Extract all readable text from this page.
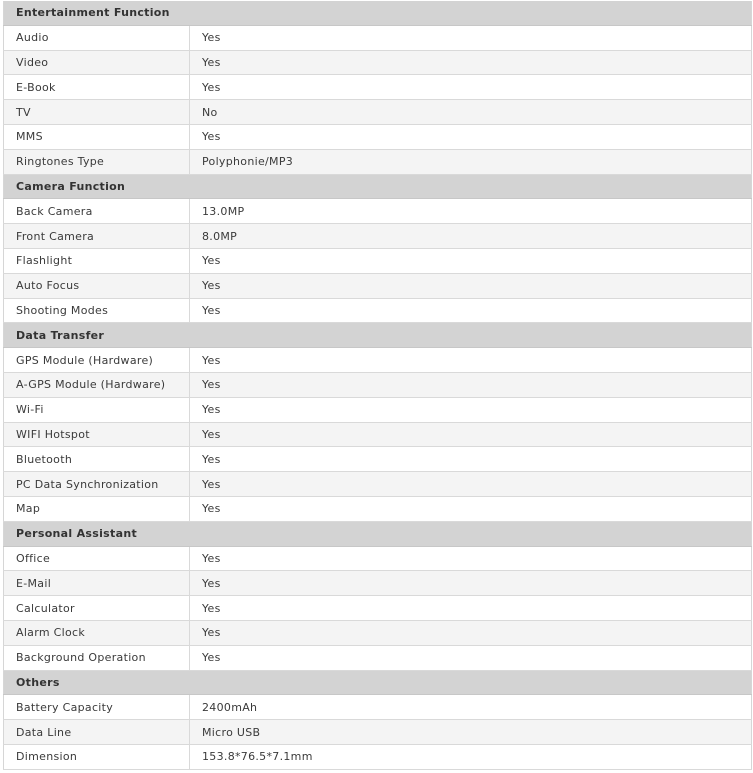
Entertainment Function	
Audio	Yes
Video	Yes
E-Book	Yes
TV	No
MMS	Yes
Ringtones Type	Polyphonie/MP3
Camera Function	
Back Camera	13.0MP
Front Camera	8.0MP
Flashlight	Yes
Auto Focus	Yes
Shooting Modes	Yes
Data Transfer	
GPS Module (Hardware)	Yes
A-GPS Module (Hardware)	Yes
Wi-Fi	Yes
WIFI Hotspot	Yes
Bluetooth	Yes
PC Data Synchronization	Yes
Map	Yes
Personal Assistant	
Office	Yes
E-Mail	Yes
Calculator	Yes
Alarm Clock	Yes
Background Operation	Yes
Others	
Battery Capacity	2400mAh
Data Line	Micro USB
Dimension	153.8*76.5*7.1mm
